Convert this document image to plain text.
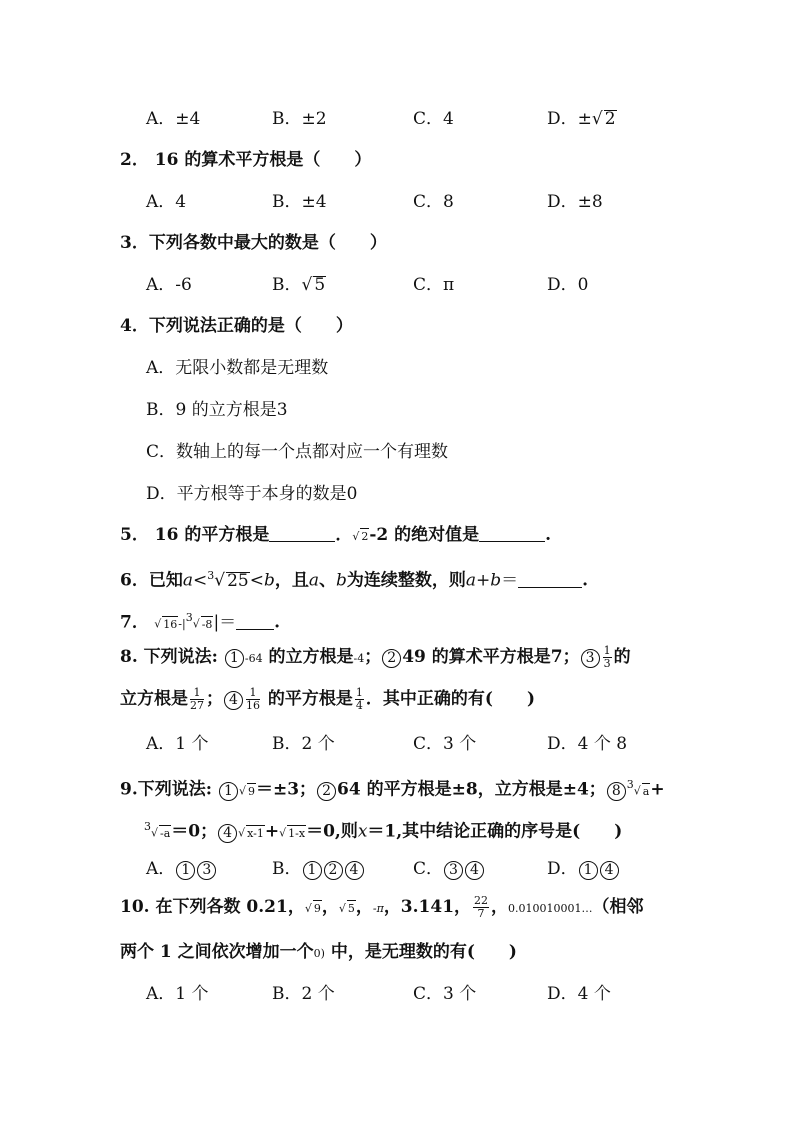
A．±4	B．±2	C．4	D．±√ 2
2． 16 的算术平方根是（　　）
A．4	B．±4	C．8	D．±8
3．下列各数中最大的数是（　　）
A．-6	B．√ 5	C．π	D．0
4．下列说法正确的是（　　）
A．无限小数都是无理数
B．9 的立方根是3
C．数轴上的每一个点都对应一个有理数
D．平方根等于本身的数是0
5． 16 的平方根是	．√ 2-2 的绝对值是	.
6．已知a<$^3$√ 25<b，且a、b为连续整数，则a+b＝	.
7． √ $16-|^3√$ -8|＝ .
8. 下列说法: 1 -64 的立方根是-4； 2 49 的算术平方根是7； $3 \frac{1}{3}$ 的
立方根是 $\frac{1}{27}$ ； $4 \frac{1}{16}$ 的平方根是 $\frac{1}{4}$ ．其中正确的有(　　)
A．1 个	B．2 个	C．3 个	D．4 个 8
9.下列说法: 1 √ 9＝±3； 2 64 的平方根是±8，立方根是±4； 8 $^3$√ a+
$^3$√ -a＝0； 4 √ x-1+√ 1-x＝0,则x＝1,其中结论正确的序号是(　　)
A． 1 3	B． 1 2 4	C． 3 4	D． 1 4
10. 在下列各数 0.21，√ 9，√ 5，-π，3.141， $\frac{22}{7}$ ，0.010010001…（相邻
两个 1 之间依次增加一个0) 中，是无理数的有(　　)
A．1 个	B．2 个	C．3 个	D．4 个
